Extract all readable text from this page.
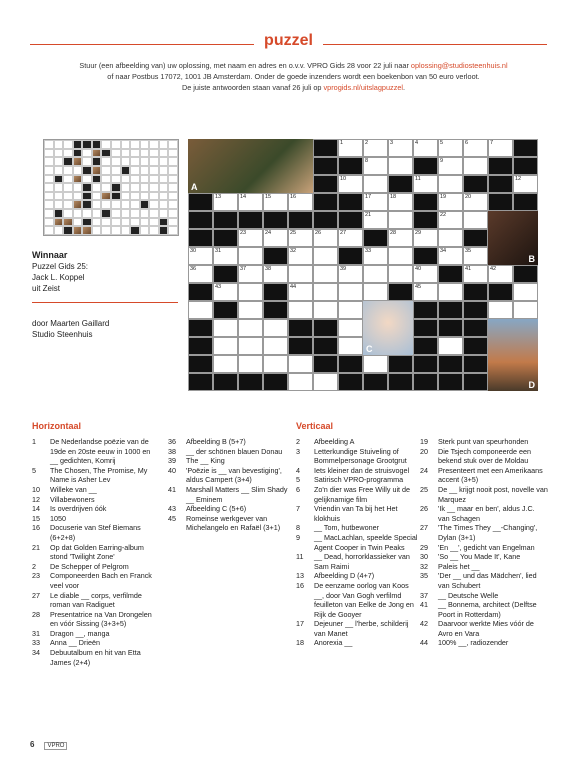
puzzel
Stuur (een afbeelding van) uw oplossing, met naam en adres en o.v.v. VPRO Gids 28 voor 22 juli naar oplossing@studiosteenhuis.nl
of naar Postbus 17072, 1001 JB Amsterdam. Onder de goede inzenders wordt een boekenbon van 50 euro verloot.
De juiste antwoorden staan vanaf 26 juli op vprogids.nl/uitslagpuzzel.
Winnaar
Puzzel Gids 25:
Jack L. Koppel
uit Zeist
door Maarten Gaillard
Studio Steenhuis
1	2	3	4	5	6	7
8	9
10	11	12
13	14	15	16	17	18	19	20
21	22
23	24	25	26	27	28	29
30	31	32	33	34	35
36	37	38	39	40	41	42
43	44	45
A
B
C
D
Horizontaal	Verticaal
1	De Nederlandse poëzie van de 19de en 20ste eeuw in 1000 en __ gedichten, Komrij
5	The Chosen, The Promise, My Name is Asher Lev
10	Willeke van __
12	Villabewoners
14	Is overdrijven óók
15	1050
16	Docuserie van Stef Biemans (6+2+8)
21	Op dat Golden Earring-album stond 'Twilight Zone'
2	De Schepper of Pelgrom
23	Componeerden Bach en Franck veel voor
27	Le diable __ corps, verfilmde roman van Radiguet
28	Presentatrice na Van Drongelen en vóór Sissing (3+3+5)
31	Dragon __, manga
33	Anna __ Drieën
34	Debuutalbum en hit van Etta James (2+4)
36	Afbeelding B (5+7)
38	__ der schönen blauen Donau
39	The __ King
40	'Poëzie is __ van bevestiging', aldus Campert (3+4)
41	Marshall Matters __ Slim Shady __ Eminem
43	Afbeelding C (5+6)
45	Romeinse werkgever van Michelangelo en Rafaël (3+1)
2	Afbeelding A
3	Letterkundige Stuiveling of Bommelpersonage Grootgrut
4	Iets kleiner dan de struisvogel
5	Satirisch VPRO-programma
6	Zo'n dier was Free Willy uit de gelijknamige film
7	Vriendin van Ta bij het Het klokhuis
8	__ Tom, hutbewoner
9	__ MacLachlan, speelde Special Agent Cooper in Twin Peaks
11	__ Dead, horrorklassieker van Sam Raimi
13	Afbeelding D (4+7)
16	De eenzame oorlog van Koos __, door Van Gogh verfilmd feuilleton van Eelke de Jong en Rijk de Gooyer
17	Dejeuner __ l'herbe, schilderij van Manet
18	Anorexia __
19	Sterk punt van speurhonden
20	Die Tsjech componeerde een bekend stuk over de Moldau
24	Presenteert met een Amerikaans accent (3+5)
25	De __ krijgt nooit post, novelle van Marquez
26	'Ik __ maar en ben', aldus J.C. van Schagen
27	'The Times They __-Changing', Dylan (3+1)
29	'En __', gedicht van Engelman
30	'So __ You Made It', Kane
32	Paleis het __
35	'Der __ und das Mädchen', lied van Schubert
37	__ Deutsche Welle
41	__ Bonnema, architect (Delftse Poort in Rotterdam)
42	Daarvoor werkte Mies vóór de Avro en Vara
44	100% __, radiozender
6 VPRO
